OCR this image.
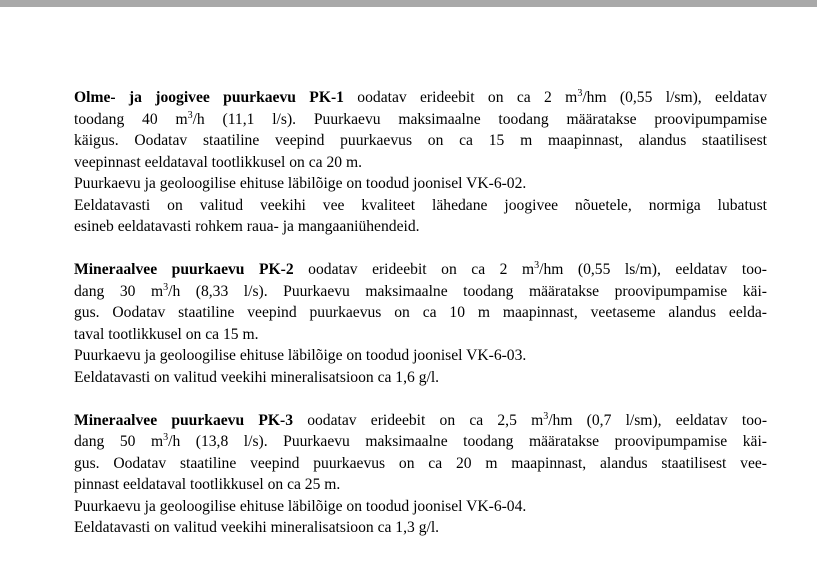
Olme- ja joogivee puurkaevu PK-1 oodatav erideebit on ca 2 $m^3/hm$ (0,55 l/sm), eeldatav
toodang 40 $m^3/h$ (11,1 l/s). Puurkaevu maksimaalne toodang määratakse proovipumpamise
käigus. Oodatav staatiline veepind puurkaevus on ca 15 m maapinnast, alandus staatilisest
veepinnast eeldataval tootlikkusel on ca 20 m.
Puurkaevu ja geoloogilise ehituse läbilõige on toodud joonisel VK-6-02.
Eeldatavasti on valitud veekihi vee kvaliteet lähedane joogivee nõuetele, normiga lubatust
esineb eeldatavasti rohkem raua- ja mangaaniühendeid.
Mineraalvee puurkaevu PK-2 oodatav erideebit on ca 2 $m^3/hm$ (0,55 ls/m), eeldatav too-
dang 30 $m^3/h$ (8,33 l/s). Puurkaevu maksimaalne toodang määratakse proovipumpamise käi-
gus. Oodatav staatiline veepind puurkaevus on ca 10 m maapinnast, veetaseme alandus eelda-
taval tootlikkusel on ca 15 m.
Puurkaevu ja geoloogilise ehituse läbilõige on toodud joonisel VK-6-03.
Eeldatavasti on valitud veekihi mineralisatsioon ca 1,6 g/l.
Mineraalvee puurkaevu PK-3 oodatav erideebit on ca 2,5 $m^3/hm$ (0,7 l/sm), eeldatav too-
dang 50 $m^3/h$ (13,8 l/s). Puurkaevu maksimaalne toodang määratakse proovipumpamise käi-
gus. Oodatav staatiline veepind puurkaevus on ca 20 m maapinnast, alandus staatilisest vee-
pinnast eeldataval tootlikkusel on ca 25 m.
Puurkaevu ja geoloogilise ehituse läbilõige on toodud joonisel VK-6-04.
Eeldatavasti on valitud veekihi mineralisatsioon ca 1,3 g/l.
